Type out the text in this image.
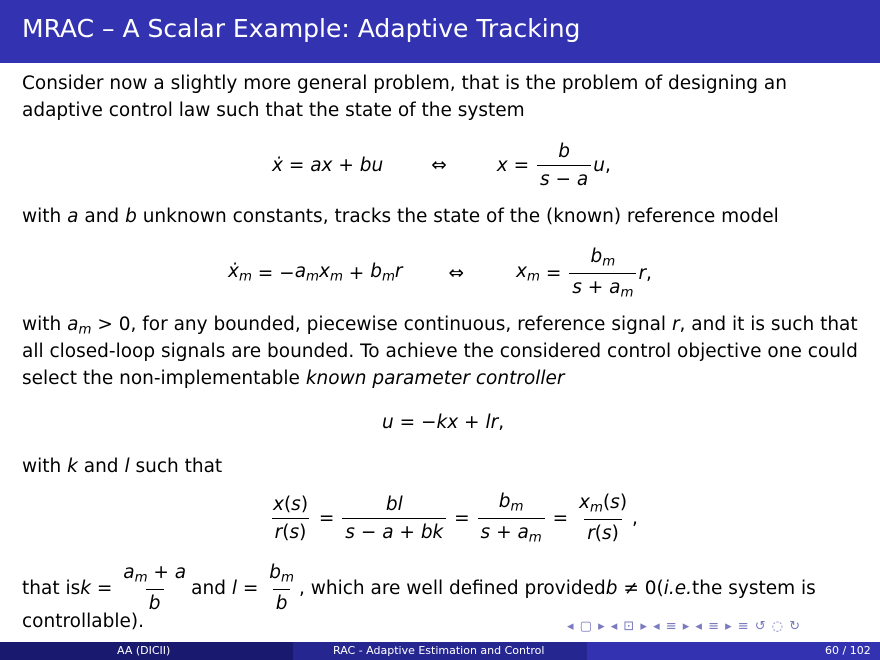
MRAC – A Scalar Example: Adaptive Tracking
Consider now a slightly more general problem, that is the problem of designing an
adaptive control law such that the state of the system
ẋ = ax + bu	⇔	$x = \frac{b}{s - a}$ u ,
with a and b unknown constants, tracks the state of the (known) reference model
ẋ$_m$ = − $a_mx_m + b_mr$ ⇔	$x_m = \frac{b_m}{s + a_m}$ r ,
with $a_m > 0$, for any bounded, piecewise continuous, reference signal r, and it is such that
all closed-loop signals are bounded. To achieve the considered control objective one could
select the non-implementable known parameter controller
u = − kx + lr ,
with k and l such that
$\frac{x(s)}{r(s)} = \frac{bl}{s - a + bk} = \frac{b_m}{s + a_m} = \frac{x_m(s)}{r(s)}$ ,
that is $k = \frac{a_m + a}{b}$ and
$l = \frac{b_m}{b}$ , which are well defined provided b ≠ 0 ( i.e. the system is
controllable).	◂ ▢ ▸ ◂ ⊡ ▸ ◂ ≡ ▸ ◂ ≡ ▸ ≡ ↺ ◌ ↻
AA (DICII)	RAC - Adaptive Estimation and Control	60 / 102
